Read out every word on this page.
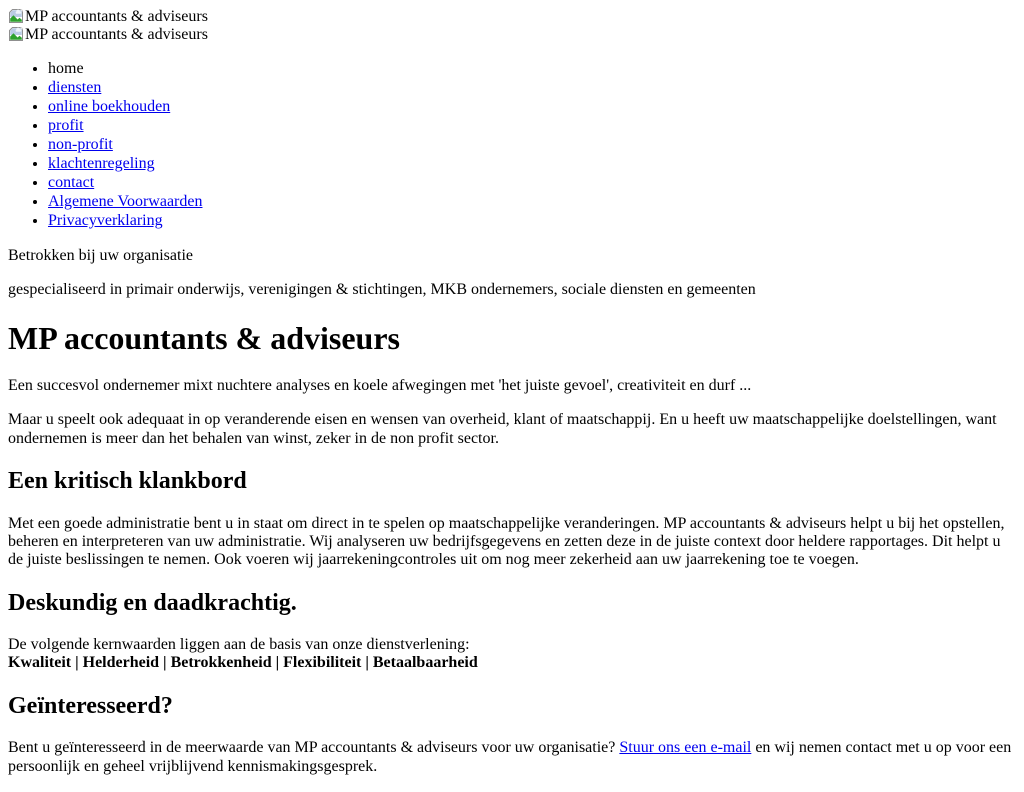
MP accountants & adviseurs
MP accountants & adviseurs
• home
• diensten
• online boekhouden
• profit
• non-profit
• klachtenregeling
• contact
• Algemene Voorwaarden
• Privacyverklaring

Betrokken bij uw organisatie

gespecialiseerd in primair onderwijs, verenigingen & stichtingen, MKB ondernemers, sociale diensten en gemeenten

MP accountants & adviseurs

Een succesvol ondernemer mixt nuchtere analyses en koele afwegingen met 'het juiste gevoel', creativiteit en durf ...

Maar u speelt ook adequaat in op veranderende eisen en wensen van overheid, klant of maatschappij. En u heeft uw maatschappelijke doelstellingen, want ondernemen is meer dan het behalen van winst, zeker in de non profit sector.

Een kritisch klankbord

Met een goede administratie bent u in staat om direct in te spelen op maatschappelijke veranderingen. MP accountants & adviseurs helpt u bij het opstellen, beheren en interpreteren van uw administratie. Wij analyseren uw bedrijfsgegevens en zetten deze in de juiste context door heldere rapportages. Dit helpt u de juiste beslissingen te nemen. Ook voeren wij jaarrekeningcontroles uit om nog meer zekerheid aan uw jaarrekening toe te voegen.

Deskundig en daadkrachtig.

De volgende kernwaarden liggen aan de basis van onze dienstverlening:
Kwaliteit | Helderheid | Betrokkenheid | Flexibiliteit | Betaalbaarheid

Geïnteresseerd?

Bent u geïnteresseerd in de meerwaarde van MP accountants & adviseurs voor uw organisatie? Stuur ons een e-mail en wij nemen contact met u op voor een persoonlijk en geheel vrijblijvend kennismakingsgesprek.
